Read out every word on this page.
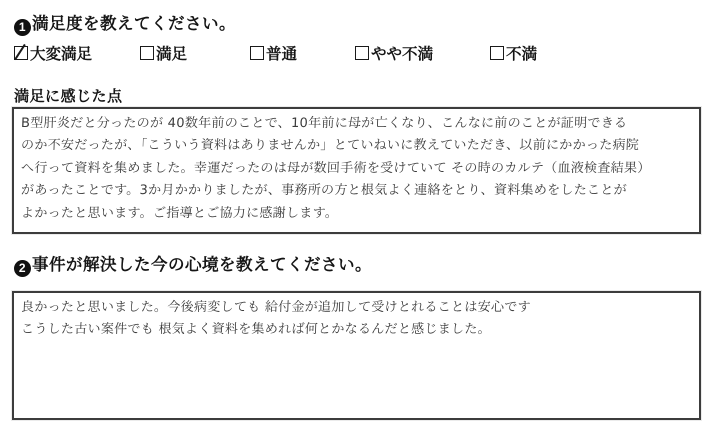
1 満足度を教えてください。
大変満足	満足	普通	やや不満	不満
満足に感じた点
B型肝炎だと分ったのが 40数年前のことで、10年前に母が亡くなり、こんなに前のことが証明できる
のか不安だったが、「こういう資料はありませんか」とていねいに教えていただき、以前にかかった病院
へ行って資料を集めました。幸運だったのは母が数回手術を受けていて その時のカルテ（血液検査結果）
があったことです。3か月かかりましたが、事務所の方と根気よく連絡をとり、資料集めをしたことが
よかったと思います。ご指導とご協力に感謝します。
2 事件が解決した今の心境を教えてください。
良かったと思いました。今後病変しても 給付金が追加して受けとれることは安心です
こうした古い案件でも 根気よく資料を集めれば何とかなるんだと感じました。
